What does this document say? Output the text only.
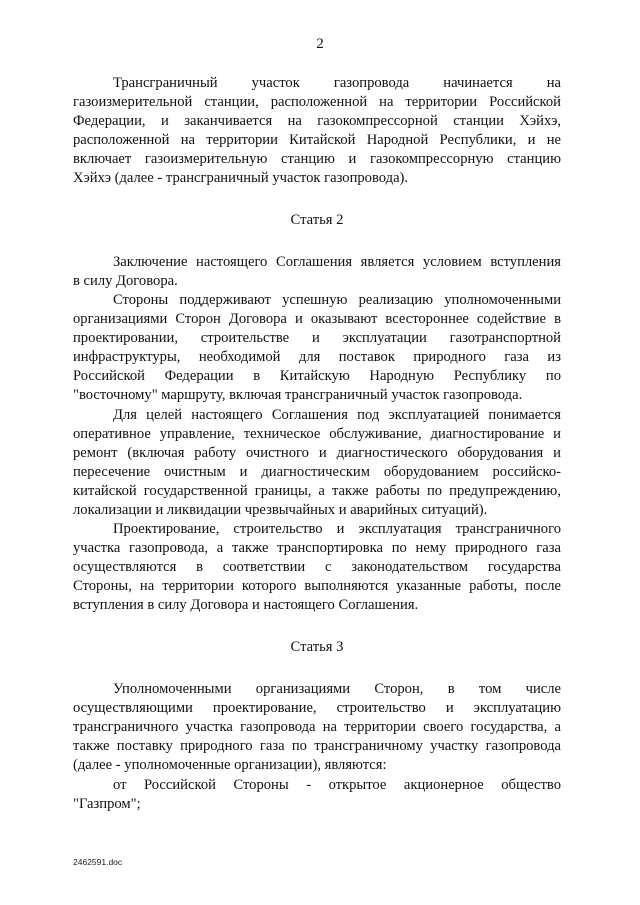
2
Трансграничный участок газопровода начинается на
газоизмерительной станции, расположенной на территории Российской
Федерации, и заканчивается на газокомпрессорной станции Хэйхэ,
расположенной на территории Китайской Народной Республики, и не
включает газоизмерительную станцию и газокомпрессорную станцию
Хэйхэ (далее - трансграничный участок газопровода).
Статья 2
Заключение настоящего Соглашения является условием вступления
в силу Договора.
Стороны поддерживают успешную реализацию уполномоченными
организациями Сторон Договора и оказывают всестороннее содействие в
проектировании, строительстве и эксплуатации газотранспортной
инфраструктуры, необходимой для поставок природного газа из
Российской Федерации в Китайскую Народную Республику по
"восточному" маршруту, включая трансграничный участок газопровода.
Для целей настоящего Соглашения под эксплуатацией понимается
оперативное управление, техническое обслуживание, диагностирование и
ремонт (включая работу очистного и диагностического оборудования и
пересечение очистным и диагностическим оборудованием российско-
китайской государственной границы, а также работы по предупреждению,
локализации и ликвидации чрезвычайных и аварийных ситуаций).
Проектирование, строительство и эксплуатация трансграничного
участка газопровода, а также транспортировка по нему природного газа
осуществляются в соответствии с законодательством государства
Стороны, на территории которого выполняются указанные работы, после
вступления в силу Договора и настоящего Соглашения.
Статья 3
Уполномоченными организациями Сторон, в том числе
осуществляющими проектирование, строительство и эксплуатацию
трансграничного участка газопровода на территории своего государства, а
также поставку природного газа по трансграничному участку газопровода
(далее - уполномоченные организации), являются:
от Российской Стороны - открытое акционерное общество
"Газпром";
2462591.doc
